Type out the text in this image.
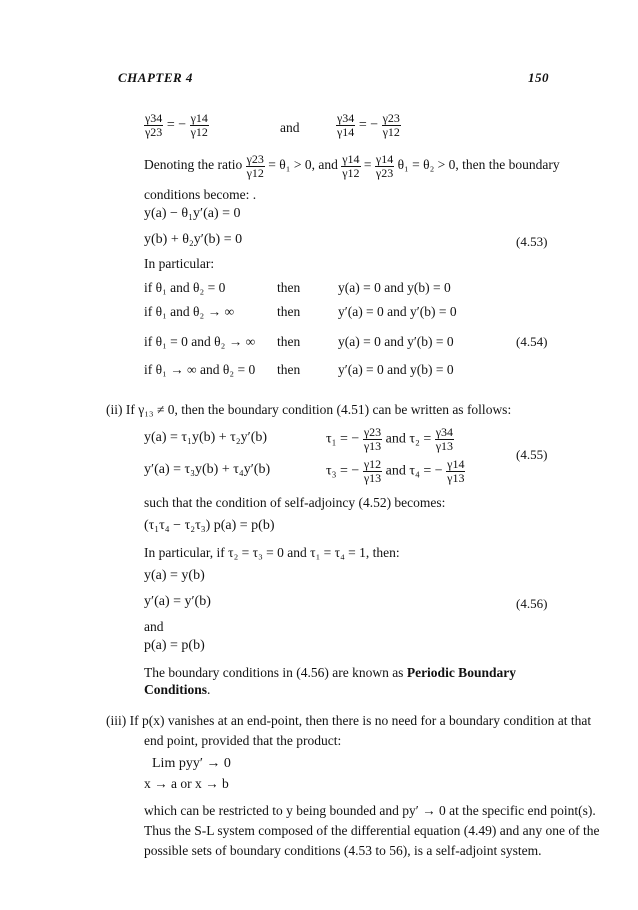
CHAPTER 4	150
$\frac{\gamma 34}{\gamma 23}$ = − $\frac{\gamma 14}{\gamma 12}$	and	$\frac{\gamma 34}{\gamma 14}$ = − $\frac{\gamma 23}{\gamma 12}$
Denoting the ratio $\frac{\gamma 23}{\gamma 12} = \theta_1 > 0$, and $\frac{\gamma 14}{\gamma 12} = \frac{\gamma 14}{\gamma 23} \theta_1 = \theta_2 > 0$, then the boundary
conditions become: .
y(a) − θ₁y′(a) = 0
y(b) + θ₂y′(b) = 0	(4.53)
In particular:
if θ₁ and θ₂ = 0	then	y(a) = 0 and y(b) = 0
if θ₁ and θ₂ → ∞	then	y′(a) = 0 and y′(b) = 0
if θ₁ = 0 and θ₂ → ∞ then	y(a) = 0 and y′(b) = 0	(4.54)
if θ₁ → ∞ and θ₂ = 0 then	y′(a) = 0 and y(b) = 0
(ii) If γ₁₃ ≠ 0, then the boundary condition (4.51) can be written as follows:
y(a) = τ₁y(b) + τ₂y′(b)	τ₁ = − $\frac{\gamma 23}{\gamma 13}$ and $\tau_2 = \frac{\gamma 34}{\gamma 13}$
(4.55)
y′(a) = τ₃y(b) + τ₄y′(b)	τ₃ = − $\frac{\gamma 12}{\gamma 13}$ and τ₄ = − $\frac{\gamma 14}{\gamma 13}$
such that the condition of self-adjoincy (4.52) becomes:
(τ₁τ₄ − τ₂τ₃) p(a) = p(b)
In particular, if τ₂ = τ₃ = 0 and τ₁ = τ₄ = 1, then:
y(a) = y(b)
y′(a) = y′(b)	(4.56)
and
p(a) = p(b)
The boundary conditions in (4.56) are known as Periodic Boundary
Conditions.
(iii) If p(x) vanishes at an end-point, then there is no need for a boundary condition at that
end point, provided that the product:
Lim pyy′ → 0
x → a or x → b
which can be restricted to y being bounded and py′ → 0 at the specific end point(s).
Thus the S-L system composed of the differential equation (4.49) and any one of the
possible sets of boundary conditions (4.53 to 56), is a self-adjoint system.
